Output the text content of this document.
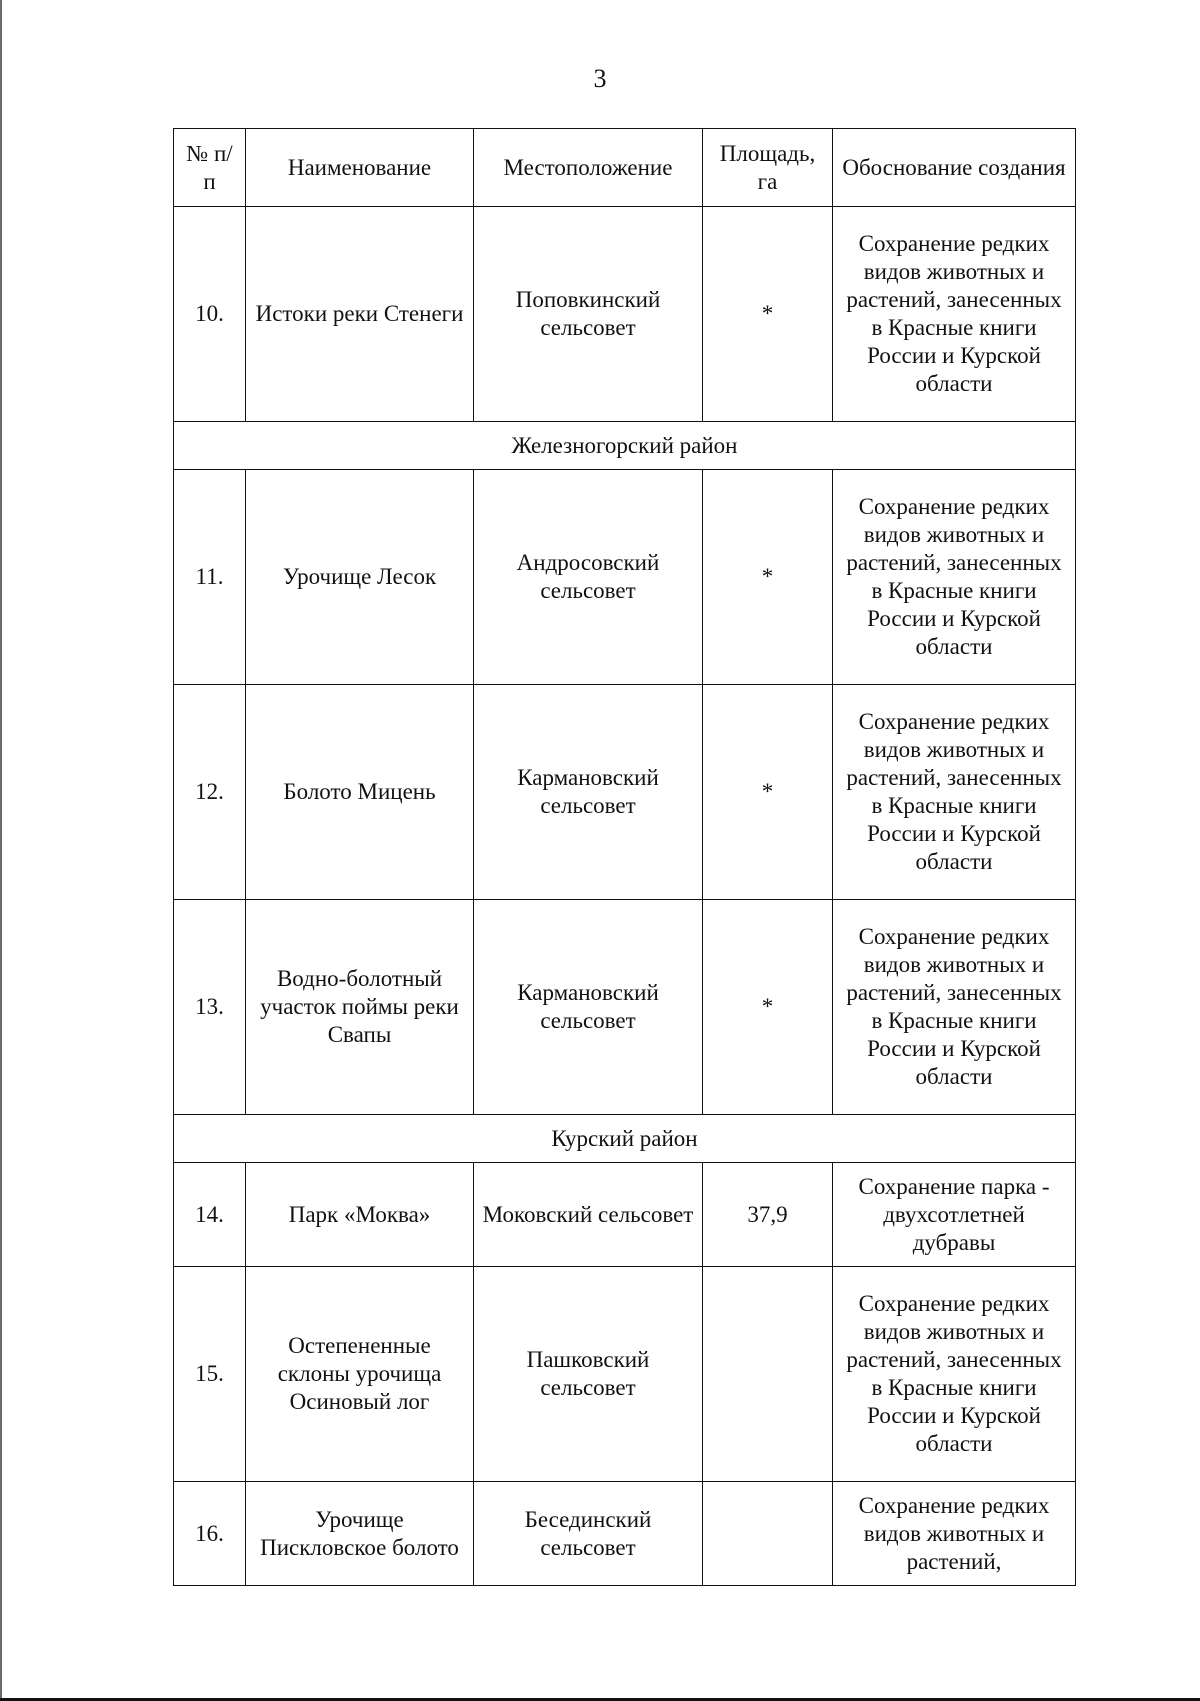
3
№ п/п	Наименование	Местоположение	Площадь, га	Обоснование создания
10.	Истоки реки Стенеги	Поповкинский сельсовет	*	Сохранение редких видов животных и растений, занесенных в Красные книги России и Курской области
Железногорский район				
11.	Урочище Лесок	Андросовский сельсовет	*	Сохранение редких видов животных и растений, занесенных в Красные книги России и Курской области
12.	Болото Мицень	Кармановский сельсовет	*	Сохранение редких видов животных и растений, занесенных в Красные книги России и Курской области
13.	Водно-болотный участок поймы реки Свапы	Кармановский сельсовет	*	Сохранение редких видов животных и растений, занесенных в Красные книги России и Курской области
Курский район				
14.	Парк «Моква»	Моковский сельсовет	37,9	Сохранение парка - двухсотлетней дубравы
15.	Остепененные склоны урочища Осиновый лог	Пашковский сельсовет		Сохранение редких видов животных и растений, занесенных в Красные книги России и Курской области
16.	Урочище Пискловское болото	Бесединский сельсовет		Сохранение редких видов животных и растений,
